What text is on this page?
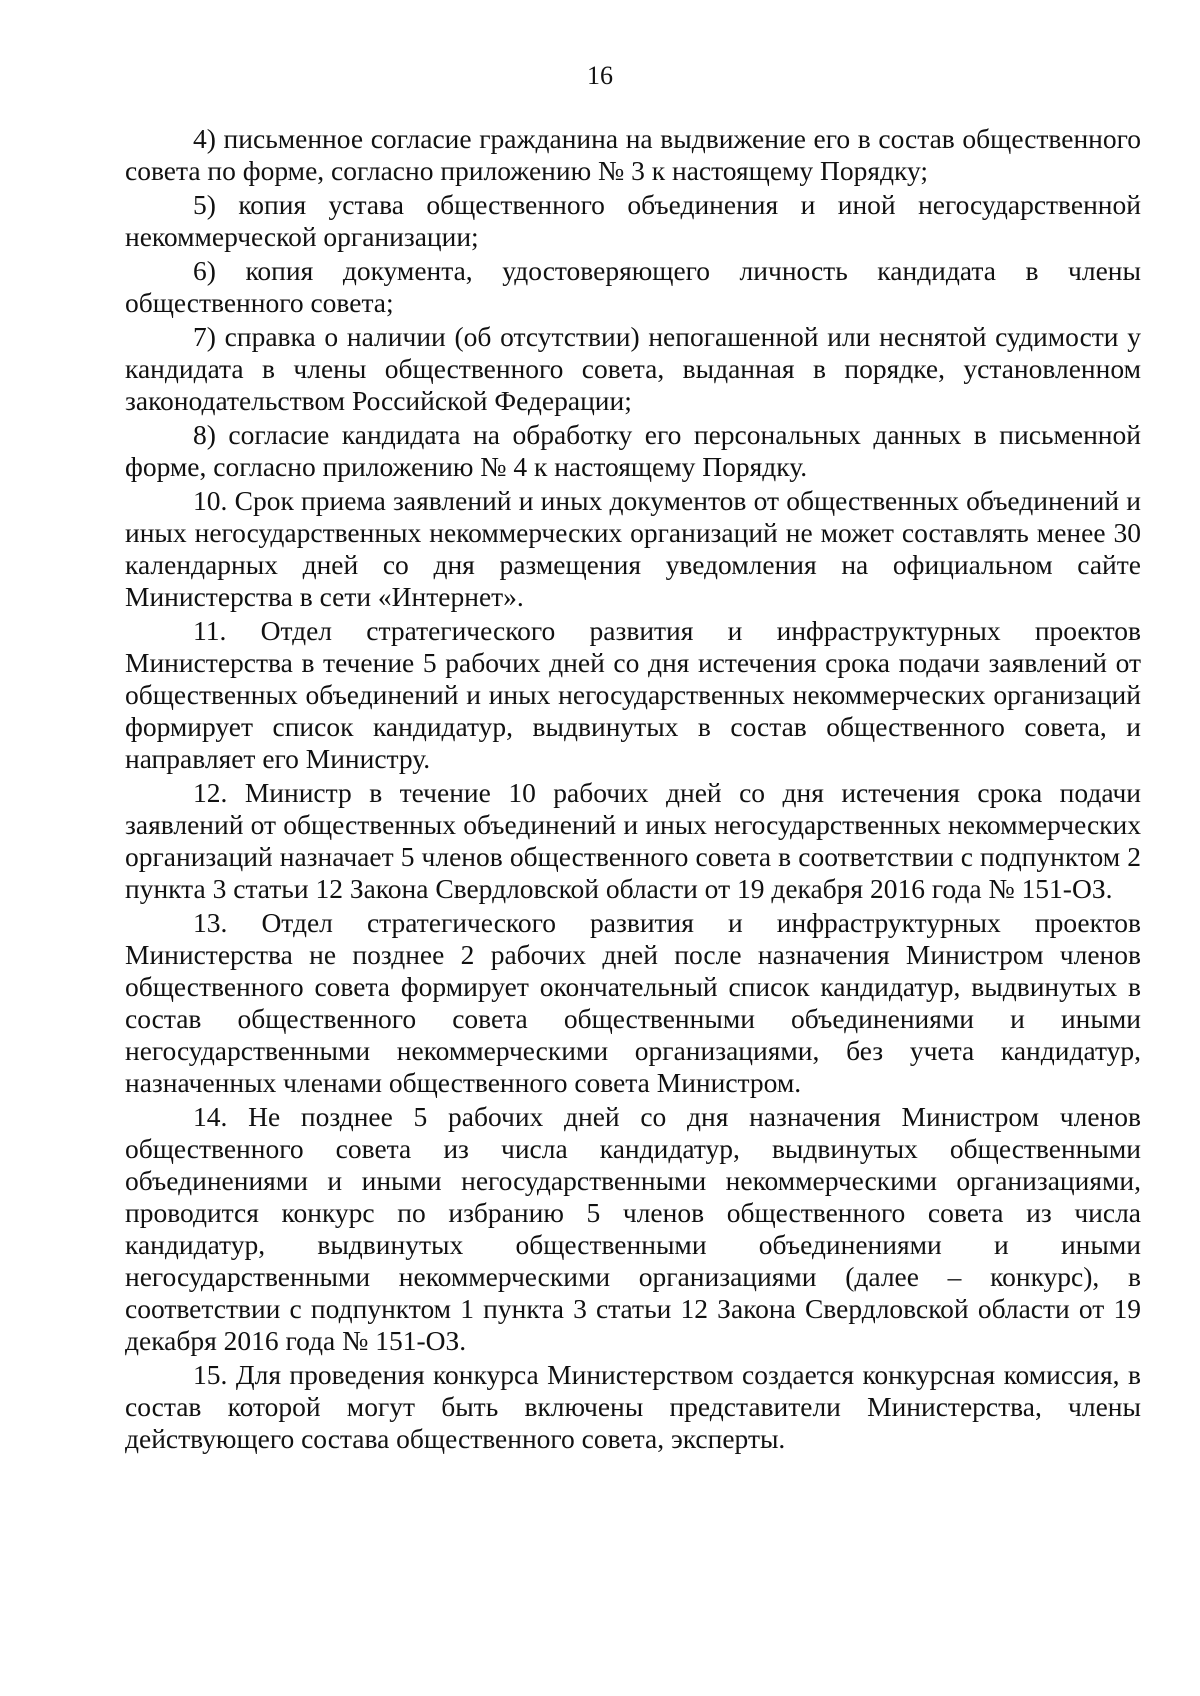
16

4) письменное согласие гражданина на выдвижение его в состав общественного совета по форме, согласно приложению № 3 к настоящему Порядку;

5) копия устава общественного объединения и иной негосударственной некоммерческой организации;

6) копия документа, удостоверяющего личность кандидата в члены общественного совета;

7) справка о наличии (об отсутствии) непогашенной или неснятой судимости у кандидата в члены общественного совета, выданная в порядке, установленном законодательством Российской Федерации;

8) согласие кандидата на обработку его персональных данных в письменной форме, согласно приложению № 4 к настоящему Порядку.

10. Срок приема заявлений и иных документов от общественных объединений и иных негосударственных некоммерческих организаций не может составлять менее 30 календарных дней со дня размещения уведомления на официальном сайте Министерства в сети «Интернет».

11. Отдел стратегического развития и инфраструктурных проектов Министерства в течение 5 рабочих дней со дня истечения срока подачи заявлений от общественных объединений и иных негосударственных некоммерческих организаций формирует список кандидатур, выдвинутых в состав общественного совета, и направляет его Министру.

12. Министр в течение 10 рабочих дней со дня истечения срока подачи заявлений от общественных объединений и иных негосударственных некоммерческих организаций назначает 5 членов общественного совета в соответствии с подпунктом 2 пункта 3 статьи 12 Закона Свердловской области от 19 декабря 2016 года № 151-ОЗ.

13. Отдел стратегического развития и инфраструктурных проектов Министерства не позднее 2 рабочих дней после назначения Министром членов общественного совета формирует окончательный список кандидатур, выдвинутых в состав общественного совета общественными объединениями и иными негосударственными некоммерческими организациями, без учета кандидатур, назначенных членами общественного совета Министром.

14. Не позднее 5 рабочих дней со дня назначения Министром членов общественного совета из числа кандидатур, выдвинутых общественными объединениями и иными негосударственными некоммерческими организациями, проводится конкурс по избранию 5 членов общественного совета из числа кандидатур, выдвинутых общественными объединениями и иными негосударственными некоммерческими организациями (далее – конкурс), в соответствии с подпунктом 1 пункта 3 статьи 12 Закона Свердловской области от 19 декабря 2016 года № 151-ОЗ.

15. Для проведения конкурса Министерством создается конкурсная комиссия, в состав которой могут быть включены представители Министерства, члены действующего состава общественного совета, эксперты.
